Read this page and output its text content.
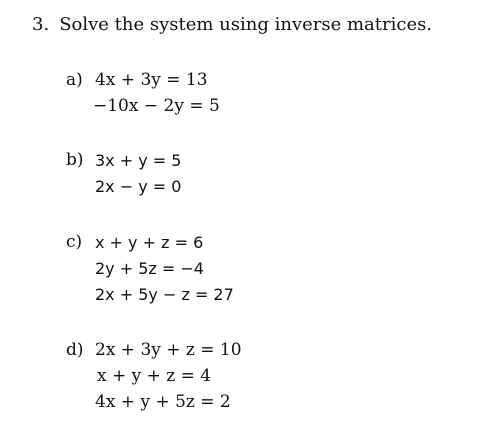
3. Solve the system using inverse matrices.
a) 4x + 3y = 13
−10x − 2y = 5
b) 3x + y = 5
2x − y = 0
c) x + y + z = 6
2y + 5z = −4
2x + 5y − z = 27
d) 2x + 3y + z = 10
x + y + z = 4
4x + y + 5z = 2
